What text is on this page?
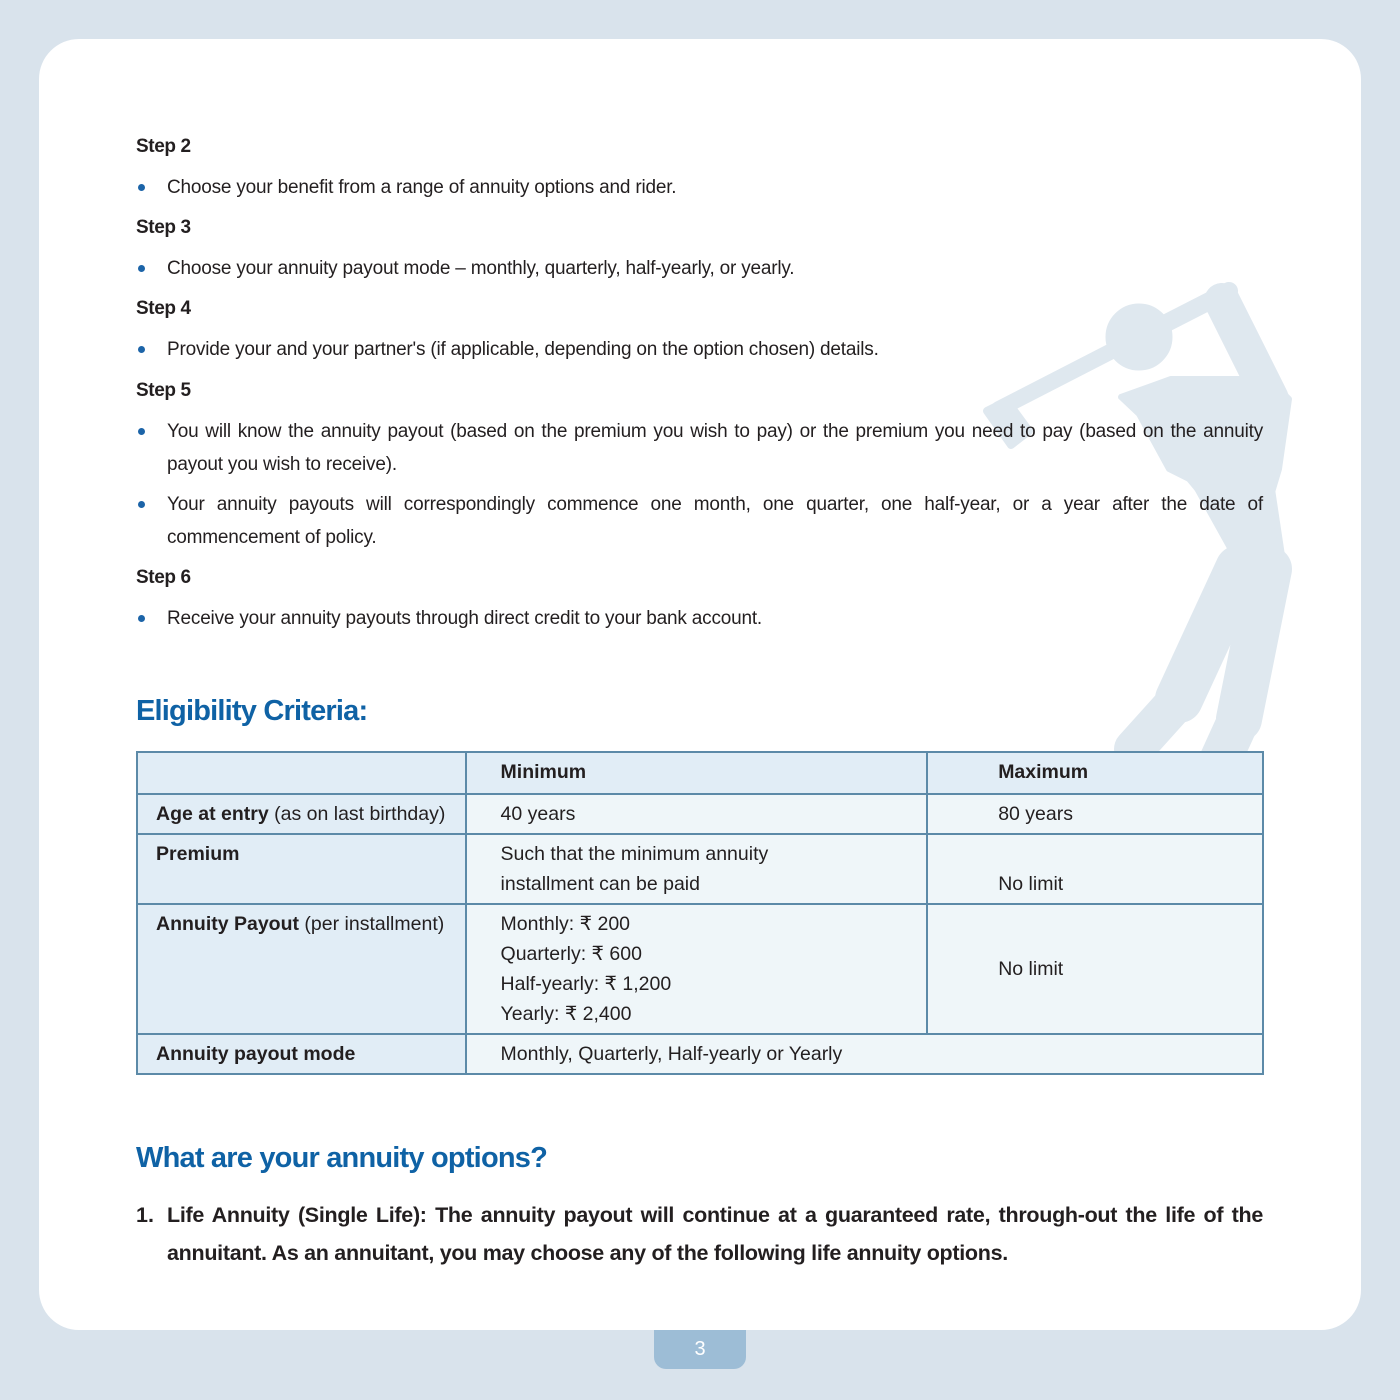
Step 2
Choose your benefit from a range of annuity options and rider.
Step 3
Choose your annuity payout mode – monthly, quarterly, half-yearly, or yearly.
Step 4
Provide your and your partner's (if applicable, depending on the option chosen) details.
Step 5
You will know the annuity payout (based on the premium you wish to pay) or the premium you need to pay (based on the annuity payout you wish to receive).
Your annuity payouts will correspondingly commence one month, one quarter, one half-year, or a year after the date of commencement of policy.
Step 6
Receive your annuity payouts through direct credit to your bank account.
Eligibility Criteria:
	Minimum	Maximum
Age at entry (as on last birthday)	40 years	80 years
Premium	Such that the minimum annuity
installment can be paid	No limit
Annuity Payout (per installment)	Monthly: ₹ 200
Quarterly: ₹ 600
Half-yearly: ₹ 1,200
Yearly: ₹ 2,400	No limit
Annuity payout mode	Monthly, Quarterly, Half-yearly or Yearly	
What are your annuity options?
1. Life Annuity (Single Life): The annuity payout will continue at a guaranteed rate, through-out the life of the annuitant. As an annuitant, you may choose any of the following life annuity options.
3
